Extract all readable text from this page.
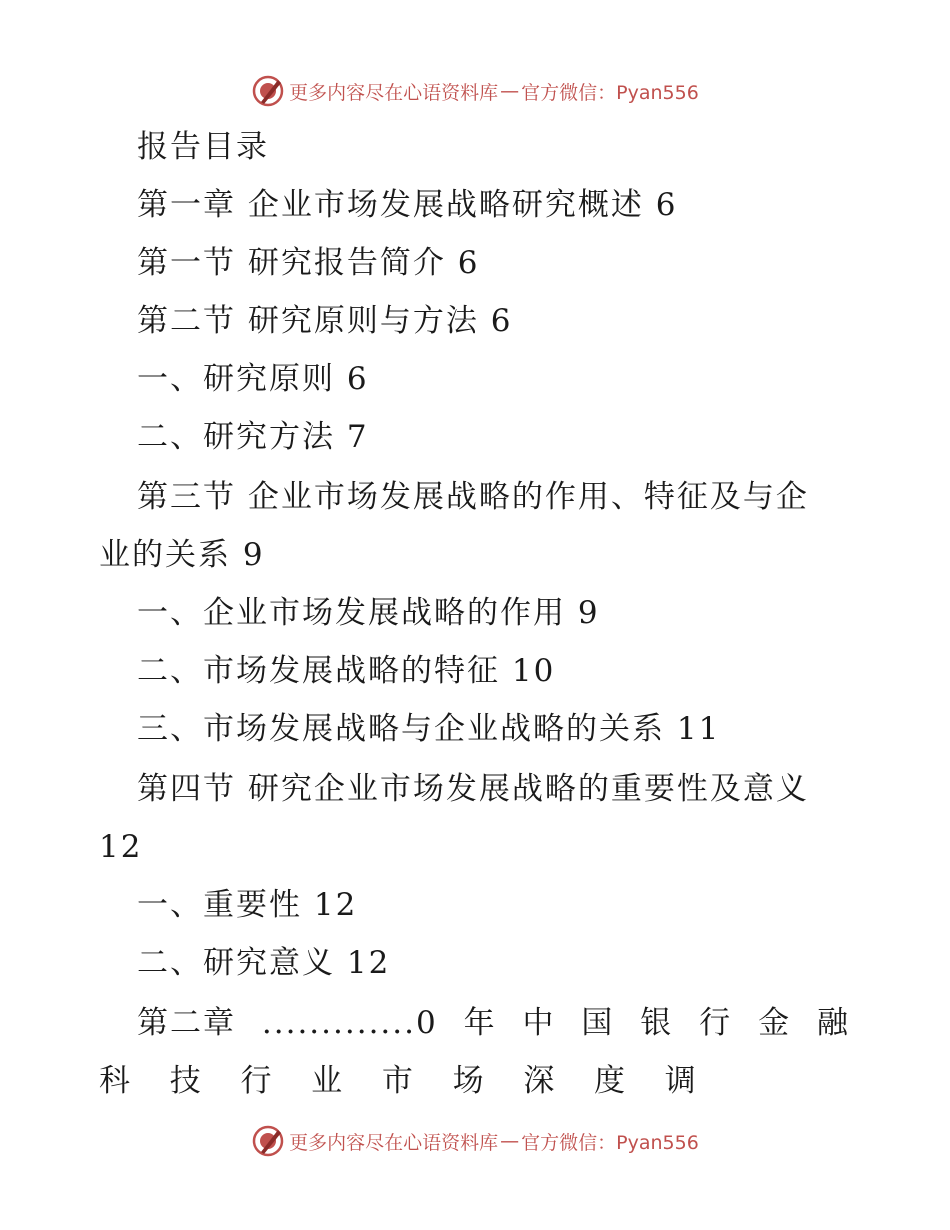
更多内容尽在心语资料库 — 官方微信：Pyan556
报告目录
第一章 企业市场发展战略研究概述 6
第一节 研究报告简介 6
第二节 研究原则与方法 6
一、研究原则 6
二、研究方法 7
第三节 企业市场发展战略的作用、特征及与企
业的关系 9
一、企业市场发展战略的作用 9
二、市场发展战略的特征 10
三、市场发展战略与企业战略的关系 11
第四节 研究企业市场发展战略的重要性及意义
12
一、重要性 12
二、研究意义 12
第二章 .............0 年 中 国 银 行 金 融
科 技 行 业 市 场 深 度 调
更多内容尽在心语资料库 — 官方微信：Pyan556
